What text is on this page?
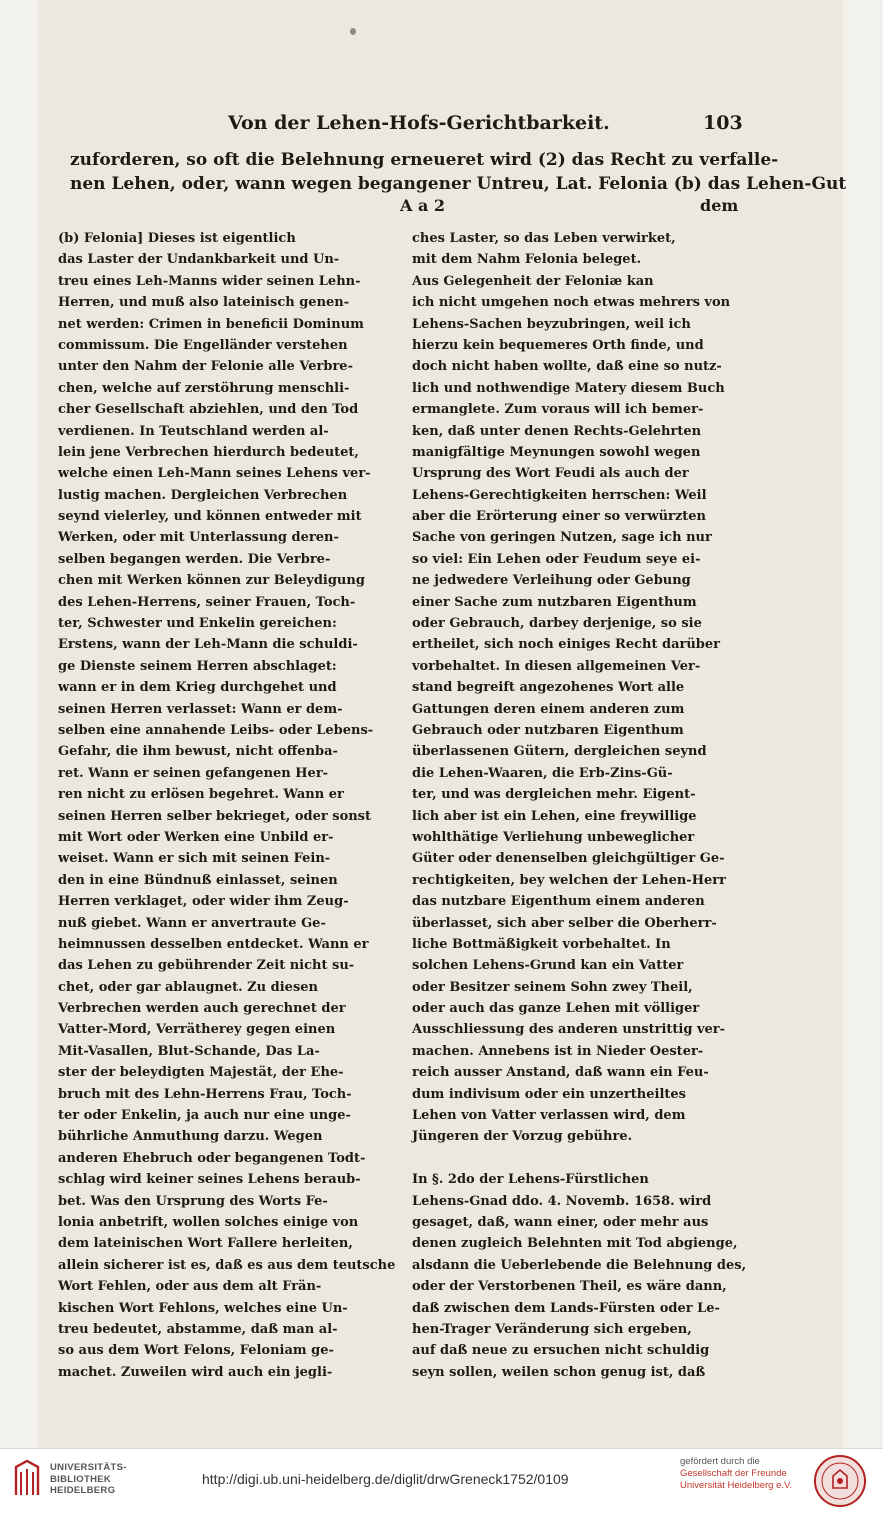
Von der Lehen-Hofs-Gerichtbarkeit.	103
zuforderen, so oft die Belehnung erneueret wird (2) das Recht zu verfalle-
nen Lehen, oder, wann wegen begangener Untreu, Lat. Felonia (b) das Lehen-Gut
A a 2	dem
(b) Felonia] Dieses ist eigentlich
das Laster der Undankbarkeit und Un-
treu eines Leh-Manns wider seinen Lehn-
Herren, und muß also lateinisch genen-
net werden: Crimen in beneficii Dominum
commissum. Die Engelländer verstehen
unter den Nahm der Felonie alle Verbre-
chen, welche auf zerstöhrung menschli-
cher Gesellschaft abziehlen, und den Tod
verdienen. In Teutschland werden al-
lein jene Verbrechen hierdurch bedeutet,
welche einen Leh-Mann seines Lehens ver-
lustig machen. Dergleichen Verbrechen
seynd vielerley, und können entweder mit
Werken, oder mit Unterlassung deren-
selben begangen werden. Die Verbre-
chen mit Werken können zur Beleydigung
des Lehen-Herrens, seiner Frauen, Toch-
ter, Schwester und Enkelin gereichen:
Erstens, wann der Leh-Mann die schuldi-
ge Dienste seinem Herren abschlaget:
wann er in dem Krieg durchgehet und
seinen Herren verlasset: Wann er dem-
selben eine annahende Leibs- oder Lebens-
Gefahr, die ihm bewust, nicht offenba-
ret. Wann er seinen gefangenen Her-
ren nicht zu erlösen begehret. Wann er
seinen Herren selber bekrieget, oder sonst
mit Wort oder Werken eine Unbild er-
weiset. Wann er sich mit seinen Fein-
den in eine Bündnuß einlasset, seinen
Herren verklaget, oder wider ihm Zeug-
nuß giebet. Wann er anvertraute Ge-
heimnussen desselben entdecket. Wann er
das Lehen zu gebührender Zeit nicht su-
chet, oder gar ablaugnet. Zu diesen
Verbrechen werden auch gerechnet der
Vatter-Mord, Verrätherey gegen einen
Mit-Vasallen, Blut-Schande, Das La-
ster der beleydigten Majestät, der Ehe-
bruch mit des Lehn-Herrens Frau, Toch-
ter oder Enkelin, ja auch nur eine unge-
bührliche Anmuthung darzu. Wegen
anderen Ehebruch oder begangenen Todt-
schlag wird keiner seines Lehens beraub-
bet. Was den Ursprung des Worts Fe-
lonia anbetrift, wollen solches einige von
dem lateinischen Wort Fallere herleiten,
allein sicherer ist es, daß es aus dem teutsche
Wort Fehlen, oder aus dem alt Frän-
kischen Wort Fehlons, welches eine Un-
treu bedeutet, abstamme, daß man al-
so aus dem Wort Felons, Feloniam ge-
machet. Zuweilen wird auch ein jegli-
ches Laster, so das Leben verwirket,
mit dem Nahm Felonia beleget.
Aus Gelegenheit der Feloniæ kan
ich nicht umgehen noch etwas mehrers von
Lehens-Sachen beyzubringen, weil ich
hierzu kein bequemeres Orth finde, und
doch nicht haben wollte, daß eine so nutz-
lich und nothwendige Matery diesem Buch
ermanglete. Zum voraus will ich bemer-
ken, daß unter denen Rechts-Gelehrten
manigfältige Meynungen sowohl wegen
Ursprung des Wort Feudi als auch der
Lehens-Gerechtigkeiten herrschen: Weil
aber die Erörterung einer so verwürzten
Sache von geringen Nutzen, sage ich nur
so viel: Ein Lehen oder Feudum seye ei-
ne jedwedere Verleihung oder Gebung
einer Sache zum nutzbaren Eigenthum
oder Gebrauch, darbey derjenige, so sie
ertheilet, sich noch einiges Recht darüber
vorbehaltet. In diesen allgemeinen Ver-
stand begreift angezohenes Wort alle
Gattungen deren einem anderen zum
Gebrauch oder nutzbaren Eigenthum
überlassenen Gütern, dergleichen seynd
die Lehen-Waaren, die Erb-Zins-Gü-
ter, und was dergleichen mehr. Eigent-
lich aber ist ein Lehen, eine freywillige
wohlthätige Verliehung unbeweglicher
Güter oder denenselben gleichgültiger Ge-
rechtigkeiten, bey welchen der Lehen-Herr
das nutzbare Eigenthum einem anderen
überlasset, sich aber selber die Oberherr-
liche Bottmäßigkeit vorbehaltet. In
solchen Lehens-Grund kan ein Vatter
oder Besitzer seinem Sohn zwey Theil,
oder auch das ganze Lehen mit völliger
Ausschliessung des anderen unstrittig ver-
machen. Annebens ist in Nieder Oester-
reich ausser Anstand, daß wann ein Feu-
dum indivisum oder ein unzertheiltes
Lehen von Vatter verlassen wird, dem
Jüngeren der Vorzug gebühre.
In §. 2do der Lehens-Fürstlichen
Lehens-Gnad ddo. 4. Novemb. 1658. wird
gesaget, daß, wann einer, oder mehr aus
denen zugleich Belehnten mit Tod abgienge,
alsdann die Ueberlebende die Belehnung des,
oder der Verstorbenen Theil, es wäre dann,
daß zwischen dem Lands-Fürsten oder Le-
hen-Trager Veränderung sich ergeben,
auf daß neue zu ersuchen nicht schuldig
seyn sollen, weilen schon genug ist, daß
UNIVERSITÄTS-
BIBLIOTHEK
HEIDELBERG
http://digi.ub.uni-heidelberg.de/diglit/drwGreneck1752/0109
gefördert durch die
Gesellschaft der Freunde
Universität Heidelberg e.V.
